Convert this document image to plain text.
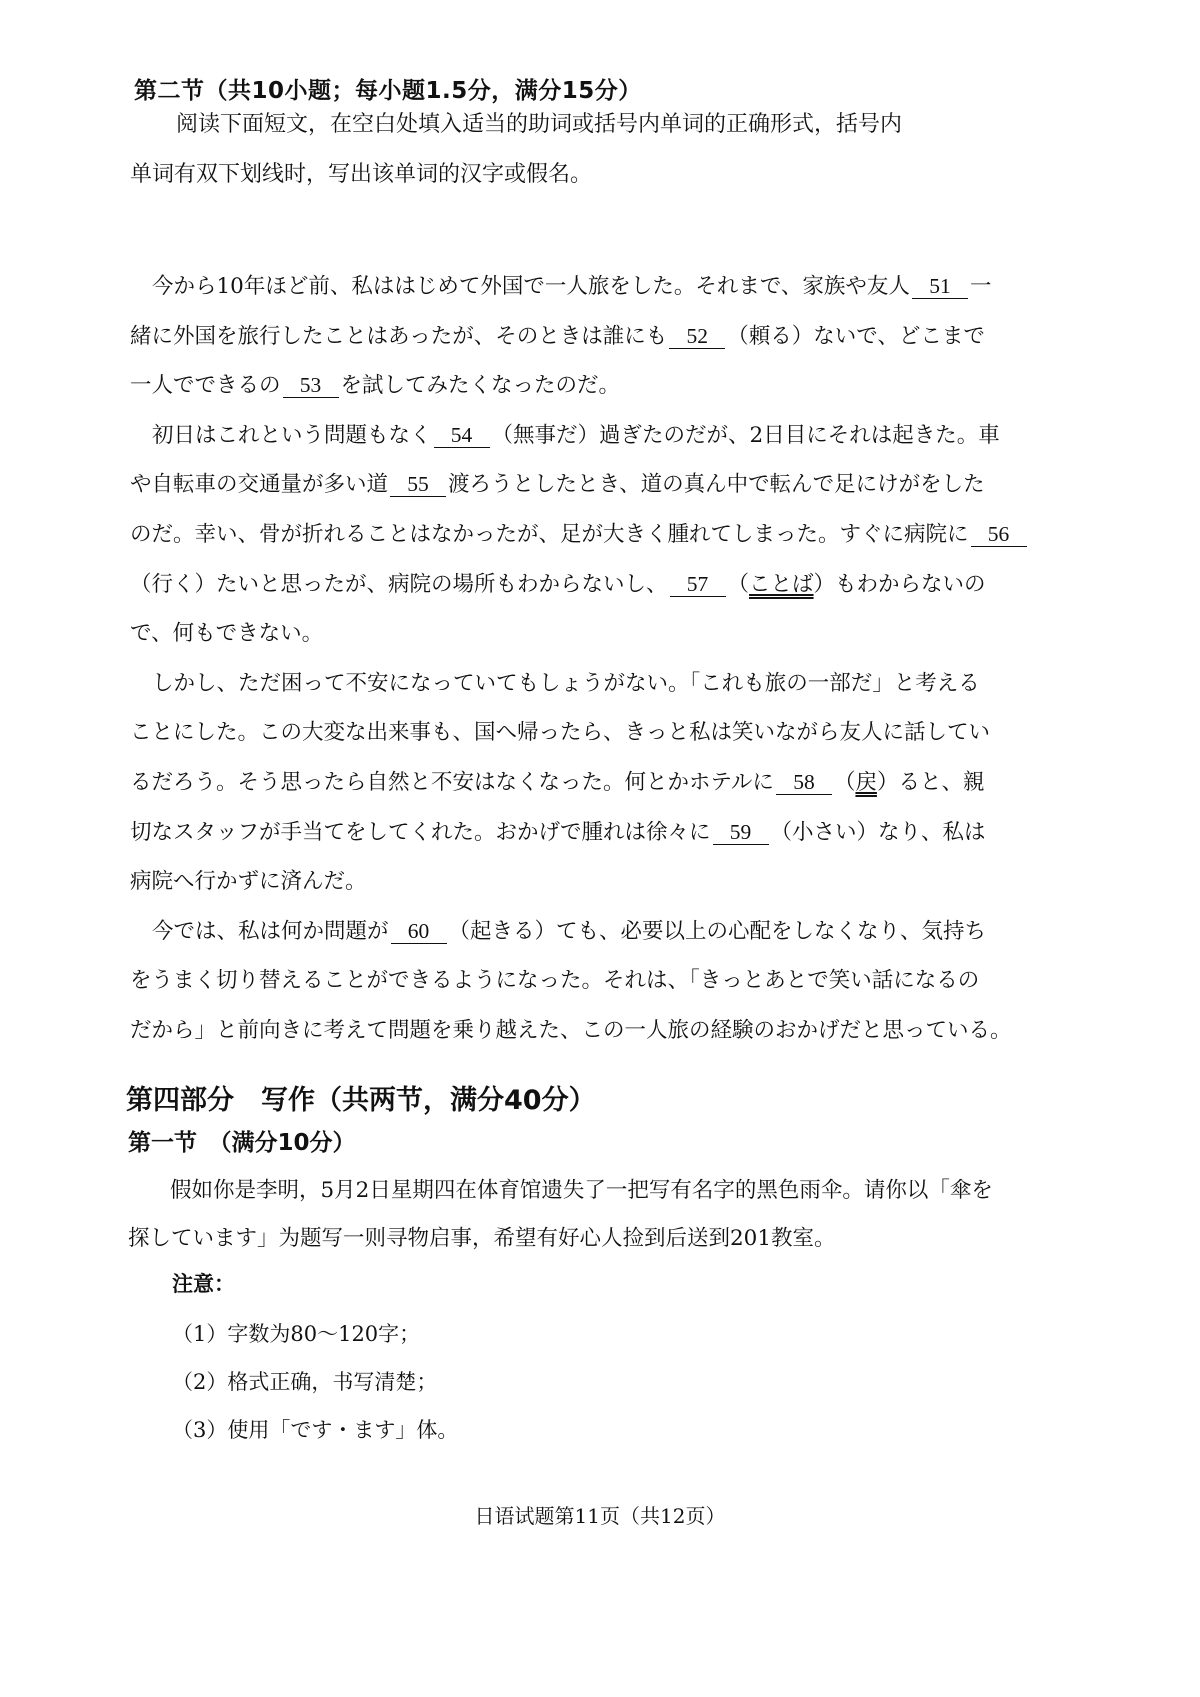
第二节（共10小题；每小题1.5分，满分15分）
阅读下面短文，在空白处填入适当的助词或括号内单词的正确形式，括号内
单词有双下划线时，写出该单词的汉字或假名。
今から10年ほど前、私ははじめて外国で一人旅をした。それまで、家族や友人 51 一
緒に外国を旅行したことはあったが、そのときは誰にも 52 （頼る）ないで、どこまで
一人でできるの 53 を試してみたくなったのだ。
初日はこれという問題もなく 54 （無事だ）過ぎたのだが、2日目にそれは起きた。車
や自転車の交通量が多い道 55 渡ろうとしたとき、道の真ん中で転んで足にけがをした
のだ。幸い、骨が折れることはなかったが、足が大きく腫れてしまった。すぐに病院に 56
（行く）たいと思ったが、病院の場所もわからないし、 57 （ことば）もわからないの
で、何もできない。
しかし、ただ困って不安になっていてもしょうがない。「これも旅の一部だ」と考える
ことにした。この大変な出来事も、国へ帰ったら、きっと私は笑いながら友人に話してい
るだろう。そう思ったら自然と不安はなくなった。何とかホテルに 58 （戻）ると、親
切なスタッフが手当てをしてくれた。おかげで腫れは徐々に 59 （小さい）なり、私は
病院へ行かずに済んだ。
今では、私は何か問題が 60 （起きる）ても、必要以上の心配をしなくなり、気持ち
をうまく切り替えることができるようになった。それは、「きっとあとで笑い話になるの
だから」と前向きに考えて問題を乗り越えた、この一人旅の経験のおかげだと思っている。
第四部分　写作（共两节，满分40分）
第一节　（满分10分）
假如你是李明，5月2日星期四在体育馆遗失了一把写有名字的黑色雨伞。请你以「傘を
探しています」为题写一则寻物启事，希望有好心人捡到后送到201教室。
注意：
（1）字数为80～120字；
（2）格式正确，书写清楚；
（3）使用「です・ます」体。
日语试题第11页（共12页）
